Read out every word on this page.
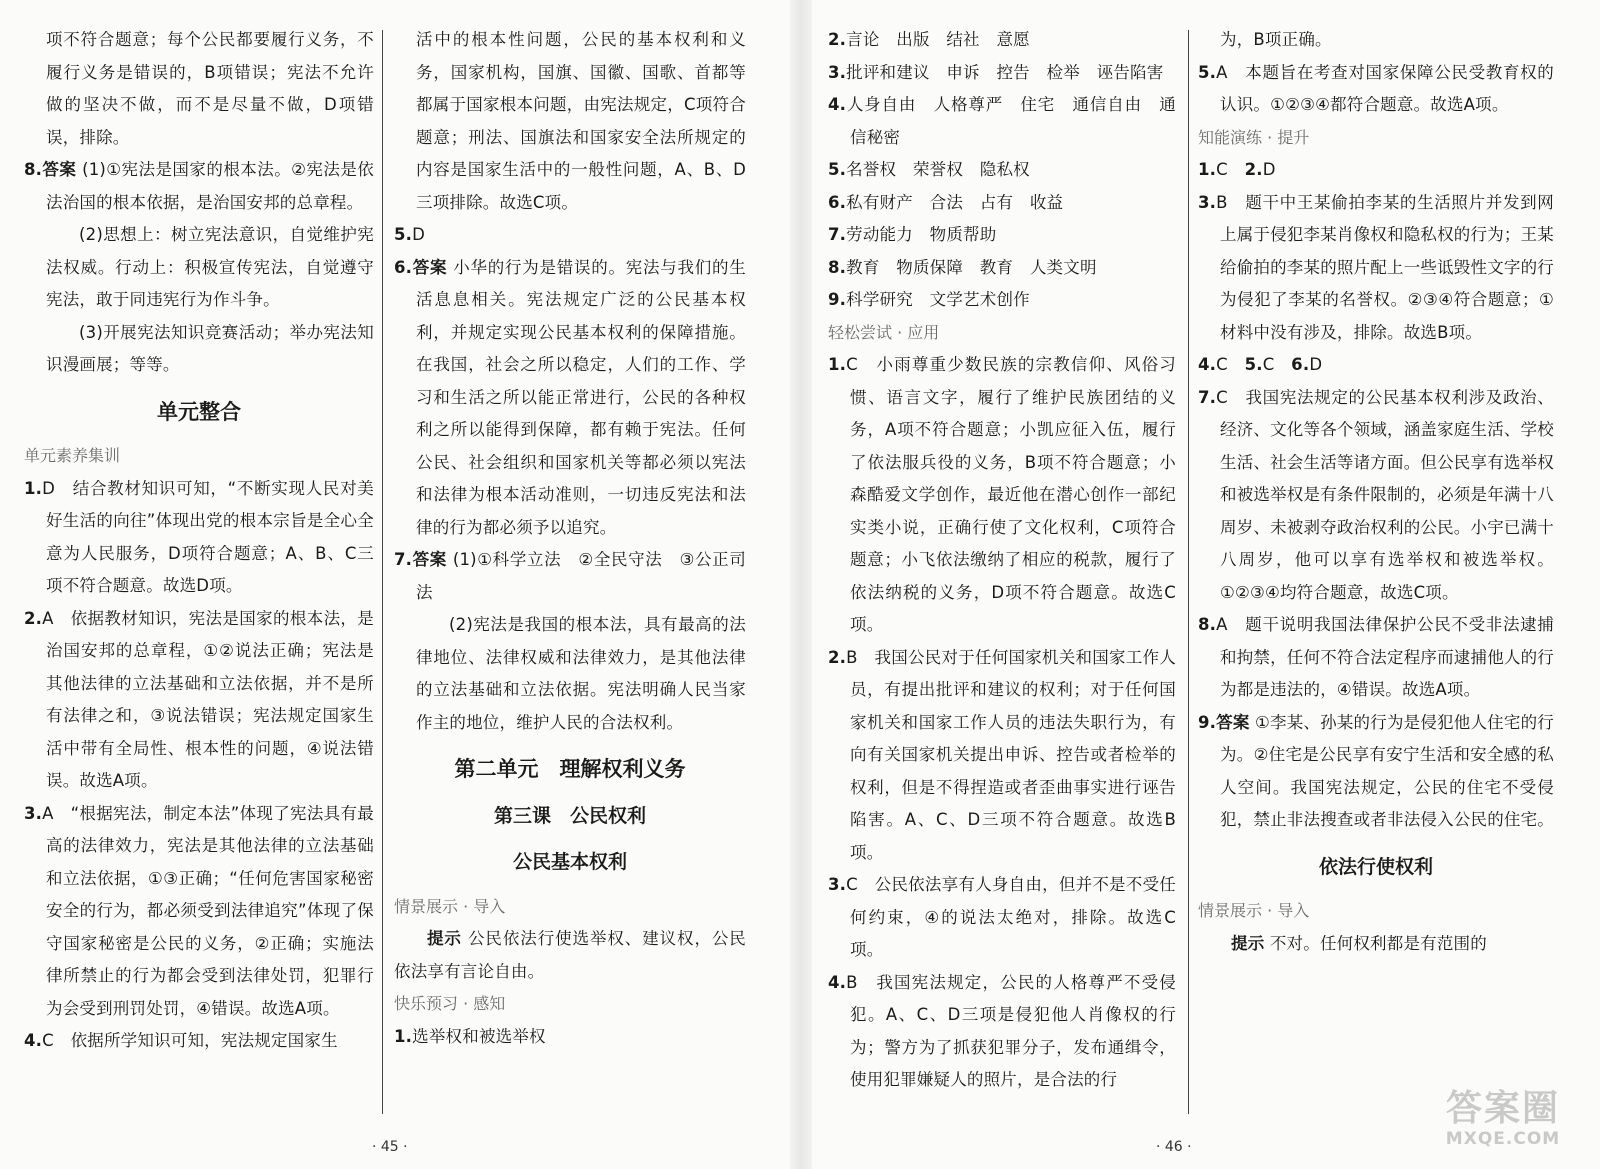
项不符合题意；每个公民都要履行义务，不履行义务是错误的，B项错误；宪法不允许做的坚决不做，而不是尽量不做，D项错误，排除。
8.答案 (1)①宪法是国家的根本法。②宪法是依法治国的根本依据，是治国安邦的总章程。
(2)思想上：树立宪法意识，自觉维护宪法权威。行动上：积极宣传宪法，自觉遵守宪法，敢于同违宪行为作斗争。
(3)开展宪法知识竞赛活动；举办宪法知识漫画展；等等。
单元整合
单元素养集训
1.D　结合教材知识可知，“不断实现人民对美好生活的向往”体现出党的根本宗旨是全心全意为人民服务，D项符合题意；A、B、C三项不符合题意。故选D项。
2.A　依据教材知识，宪法是国家的根本法，是治国安邦的总章程，①②说法正确；宪法是其他法律的立法基础和立法依据，并不是所有法律之和，③说法错误；宪法规定国家生活中带有全局性、根本性的问题，④说法错误。故选A项。
3.A　“根据宪法，制定本法”体现了宪法具有最高的法律效力，宪法是其他法律的立法基础和立法依据，①③正确；“任何危害国家秘密安全的行为，都必须受到法律追究”体现了保守国家秘密是公民的义务，②正确；实施法律所禁止的行为都会受到法律处罚，犯罪行为会受到刑罚处罚，④错误。故选A项。
4.C　依据所学知识可知，宪法规定国家生
活中的根本性问题，公民的基本权利和义务，国家机构，国旗、国徽、国歌、首都等都属于国家根本问题，由宪法规定，C项符合题意；刑法、国旗法和国家安全法所规定的内容是国家生活中的一般性问题，A、B、D三项排除。故选C项。
5.D
6.答案 小华的行为是错误的。宪法与我们的生活息息相关。宪法规定广泛的公民基本权利，并规定实现公民基本权利的保障措施。在我国，社会之所以稳定，人们的工作、学习和生活之所以能正常进行，公民的各种权利之所以能得到保障，都有赖于宪法。任何公民、社会组织和国家机关等都必须以宪法和法律为根本活动准则，一切违反宪法和法律的行为都必须予以追究。
7.答案 (1)①科学立法　②全民守法　③公正司法
(2)宪法是我国的根本法，具有最高的法律地位、法律权威和法律效力，是其他法律的立法基础和立法依据。宪法明确人民当家作主的地位，维护人民的合法权利。
第二单元　理解权利义务
第三课　公民权利
公民基本权利
情景展示 · 导入
提示 公民依法行使选举权、建议权，公民依法享有言论自由。
快乐预习 · 感知
1.选举权和被选举权
2.言论　出版　结社　意愿
3.批评和建议　申诉　控告　检举　诬告陷害
4.人身自由　人格尊严　住宅　通信自由　通信秘密
5.名誉权　荣誉权　隐私权
6.私有财产　合法　占有　收益
7.劳动能力　物质帮助
8.教育　物质保障　教育　人类文明
9.科学研究　文学艺术创作
轻松尝试 · 应用
1.C　小雨尊重少数民族的宗教信仰、风俗习惯、语言文字，履行了维护民族团结的义务，A项不符合题意；小凯应征入伍，履行了依法服兵役的义务，B项不符合题意；小森酷爱文学创作，最近他在潜心创作一部纪实类小说，正确行使了文化权利，C项符合题意；小飞依法缴纳了相应的税款，履行了依法纳税的义务，D项不符合题意。故选C项。
2.B　我国公民对于任何国家机关和国家工作人员，有提出批评和建议的权利；对于任何国家机关和国家工作人员的违法失职行为，有向有关国家机关提出申诉、控告或者检举的权利，但是不得捏造或者歪曲事实进行诬告陷害。A、C、D三项不符合题意。故选B项。
3.C　公民依法享有人身自由，但并不是不受任何约束，④的说法太绝对，排除。故选C项。
4.B　我国宪法规定，公民的人格尊严不受侵犯。A、C、D三项是侵犯他人肖像权的行为；警方为了抓获犯罪分子，发布通缉令，使用犯罪嫌疑人的照片，是合法的行
为，B项正确。
5.A　本题旨在考查对国家保障公民受教育权的认识。①②③④都符合题意。故选A项。
知能演练 · 提升
1.C　2.D
3.B　题干中王某偷拍李某的生活照片并发到网上属于侵犯李某肖像权和隐私权的行为；王某给偷拍的李某的照片配上一些诋毁性文字的行为侵犯了李某的名誉权。②③④符合题意；①材料中没有涉及，排除。故选B项。
4.C　5.C　6.D
7.C　我国宪法规定的公民基本权利涉及政治、经济、文化等各个领域，涵盖家庭生活、学校生活、社会生活等诸方面。但公民享有选举权和被选举权是有条件限制的，必须是年满十八周岁、未被剥夺政治权利的公民。小宇已满十八周岁，他可以享有选举权和被选举权。①②③④均符合题意，故选C项。
8.A　题干说明我国法律保护公民不受非法逮捕和拘禁，任何不符合法定程序而逮捕他人的行为都是违法的，④错误。故选A项。
9.答案 ①李某、孙某的行为是侵犯他人住宅的行为。②住宅是公民享有安宁生活和安全感的私人空间。我国宪法规定，公民的住宅不受侵犯，禁止非法搜查或者非法侵入公民的住宅。
依法行使权利
情景展示 · 导入
提示 不对。任何权利都是有范围的
· 45 ·	· 46 ·
答案圈
MXQE.COM
